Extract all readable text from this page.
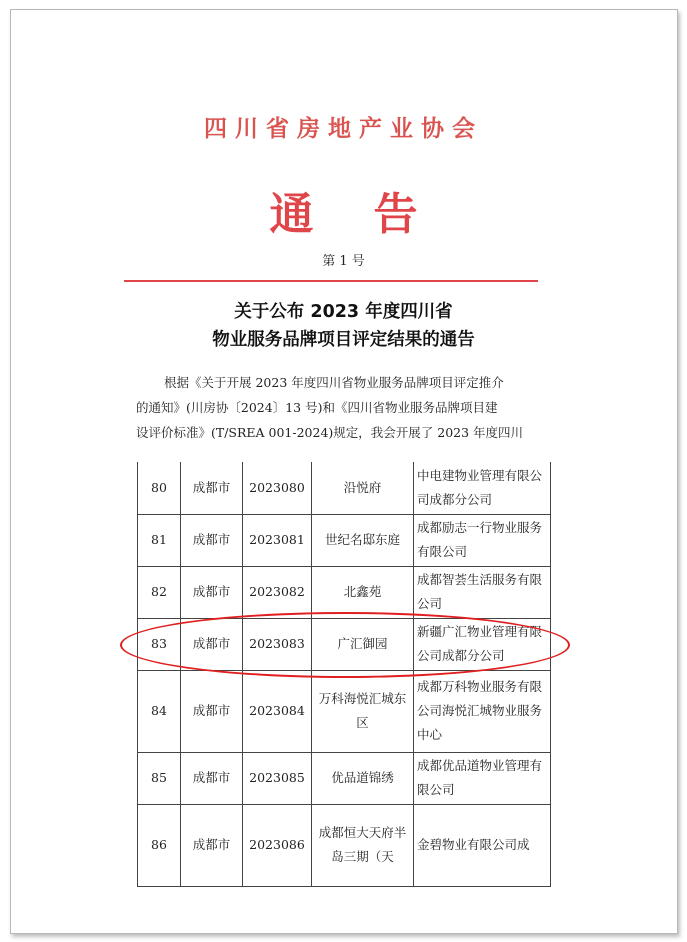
四川省房地产业协会
通告
第 1 号
关于公布 2023 年度四川省
物业服务品牌项目评定结果的通告

根据《关于开展 2023 年度四川省物业服务品牌项目评定推介

的通知》(川房协〔2024〕13 号)和《四川省物业服务品牌项目建

设评价标准》(T/SREA 001-2024)规定，我会开展了 2023 年度四川

80	成都市	2023080	沿悦府	中电建物业管理有限公司成都分公司
81	成都市	2023081	世纪名邸东庭	成都励志一行物业服务有限公司
82	成都市	2023082	北鑫苑	成都智荟生活服务有限公司
83	成都市	2023083	广汇御园	新疆广汇物业管理有限公司成都分公司
84	成都市	2023084	万科海悦汇城东区	成都万科物业服务有限公司海悦汇城物业服务中心
85	成都市	2023085	优品道锦绣	成都优品道物业管理有限公司
86	成都市	2023086	成都恒大天府半岛三期（天	金碧物业有限公司成
